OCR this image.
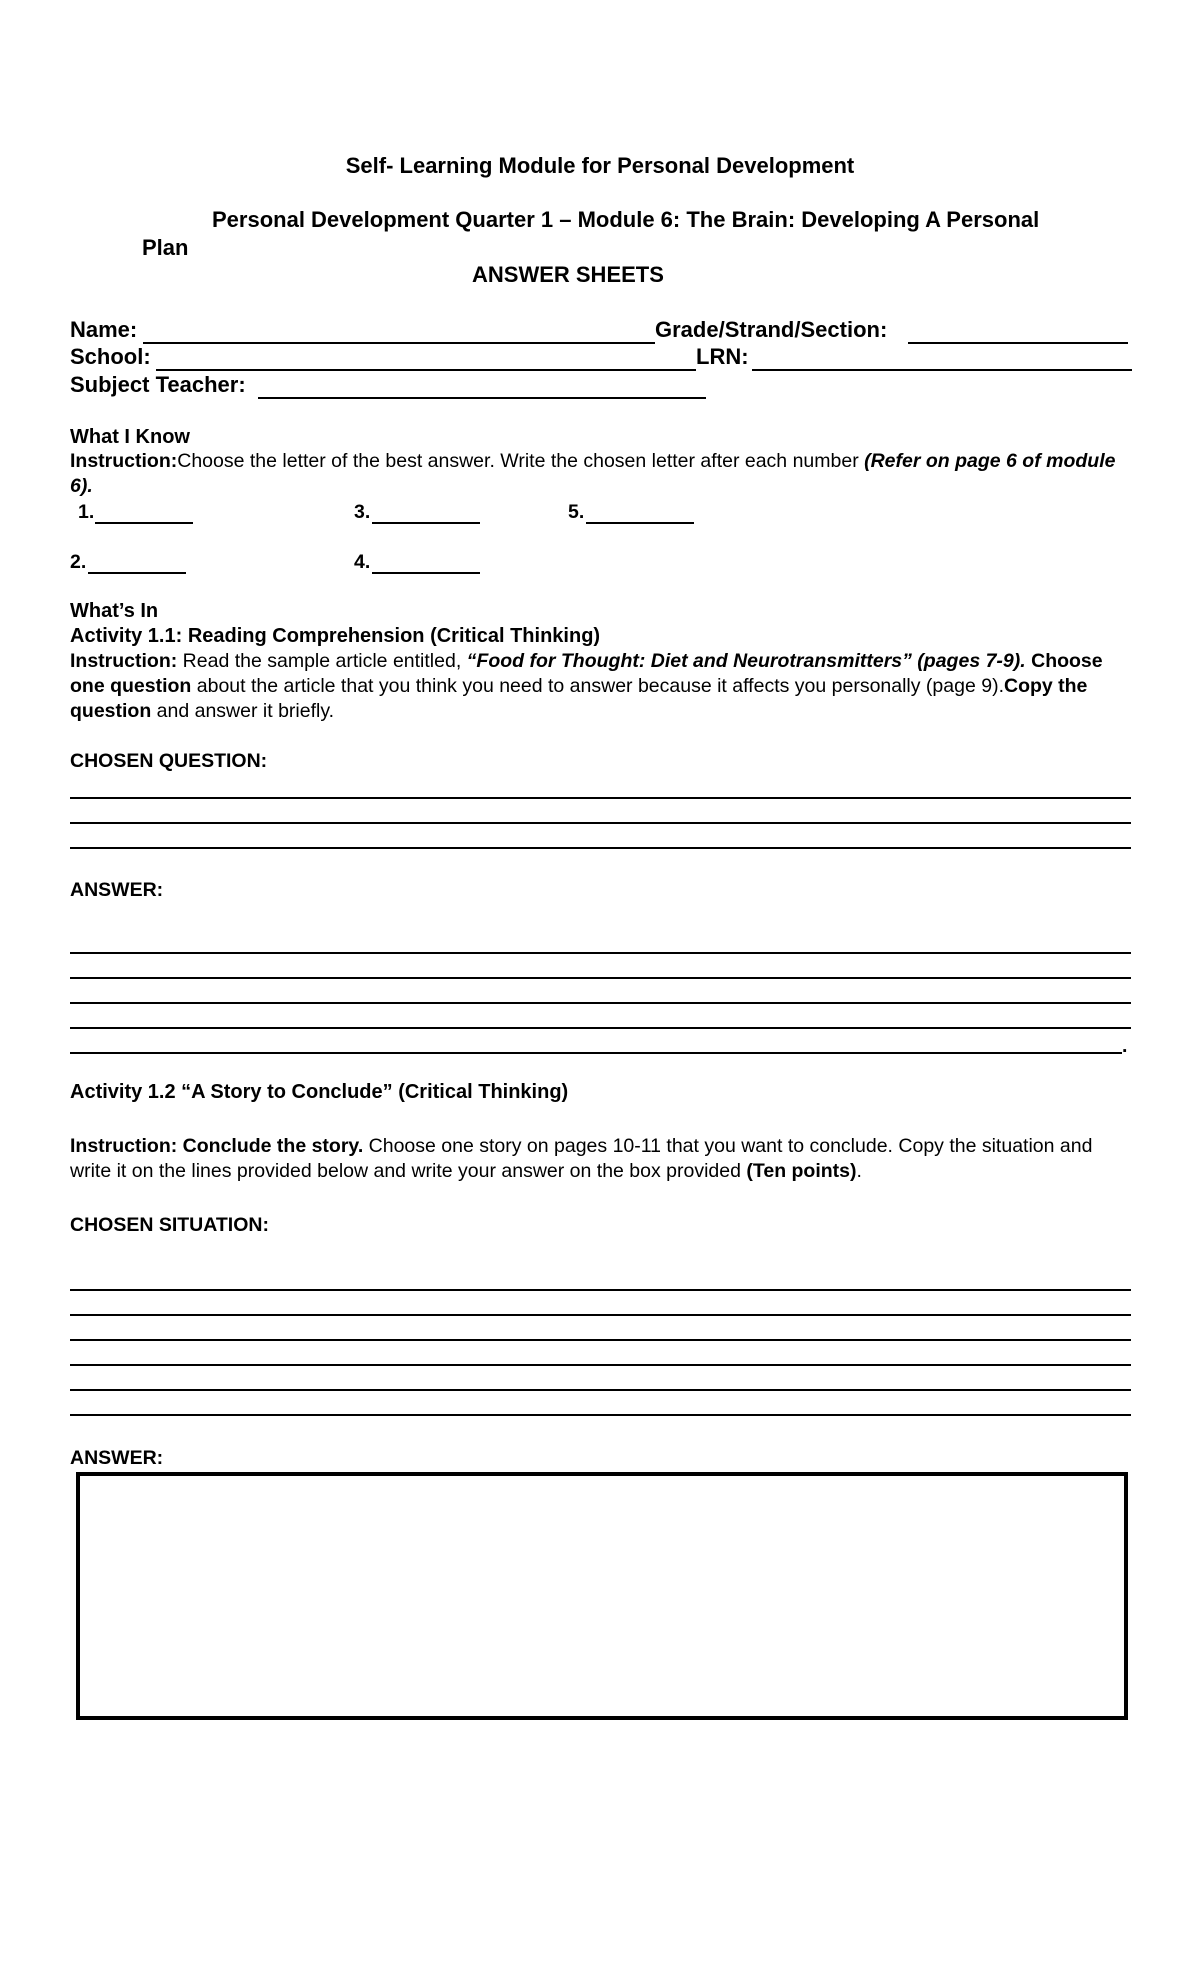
Self- Learning Module for Personal Development
Personal Development Quarter 1 – Module 6: The Brain: Developing A Personal
Plan
ANSWER SHEETS
Name:	Grade/Strand/Section:
School:	LRN:
Subject Teacher:
What I Know
Instruction:Choose the letter of the best answer. Write the chosen letter after each number (Refer on page 6 of module 6).
1.	3.	5.
2.	4.
What’s In
Activity 1.1: Reading Comprehension (Critical Thinking)
Instruction: Read the sample article entitled, “Food for Thought: Diet and Neurotransmitters” (pages 7-9). Choose one question about the article that you think you need to answer because it affects you personally (page 9).Copy the question and answer it briefly.
CHOSEN QUESTION:
ANSWER:
.
Activity 1.2 “A Story to Conclude” (Critical Thinking)
Instruction: Conclude the story. Choose one story on pages 10-11 that you want to conclude. Copy the situation and write it on the lines provided below and write your answer on the box provided (Ten points).
CHOSEN SITUATION:
ANSWER:
